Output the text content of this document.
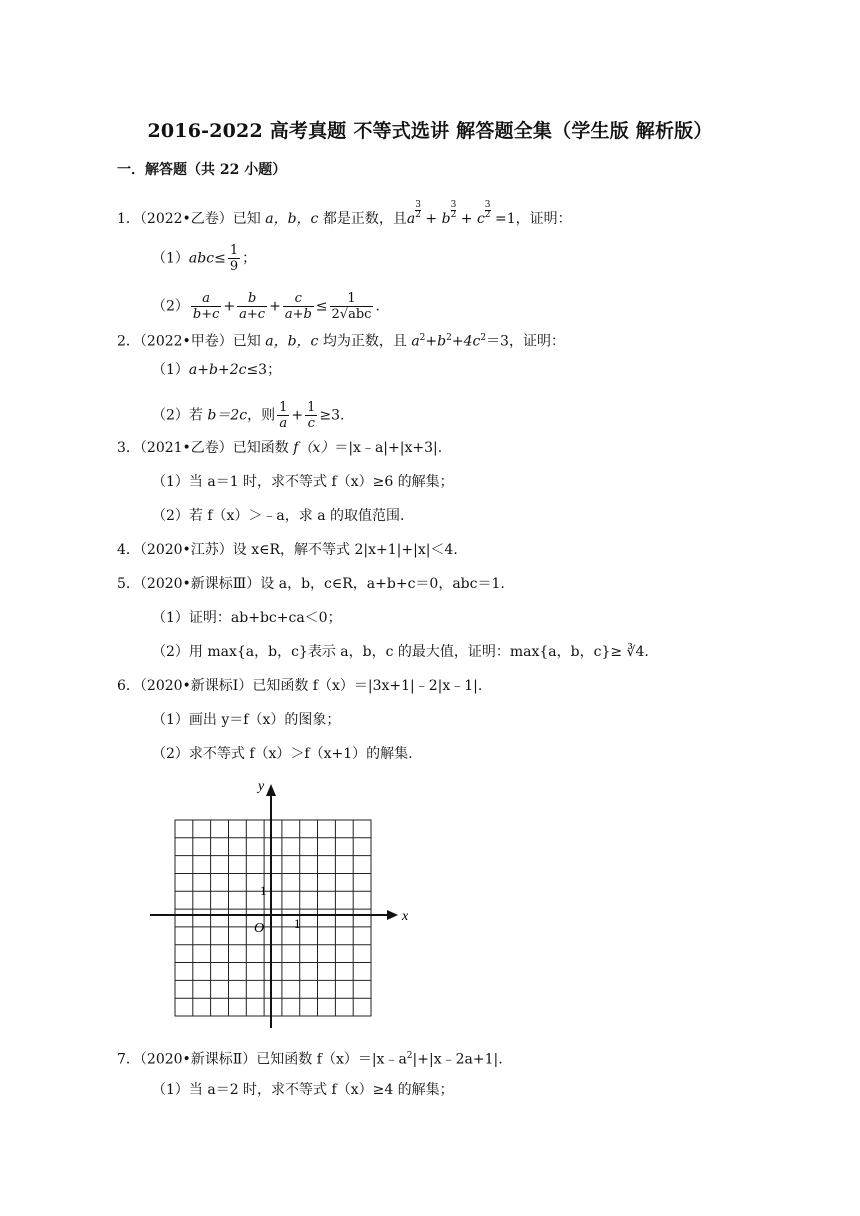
2016-2022 高考真题 不等式选讲 解答题全集（学生版 解析版）
一．解答题（共 22 小题）
1．（2022•乙卷）已知 a，b，c 都是正数，且a $\frac{3}{2} + b \frac{3}{2} + c \frac{3}{2} =1$，证明：
$(1)abc\le \frac{1}{9}$ ；
$(2) \frac{a}{b+c} + \frac{b}{a+c} + \frac{c}{a+b} \le \frac{1}{\text{2√abc}}$ .
2．（2022•甲卷）已知 a，b，c 均为正数，且 $a^2+b^2+4c^2=3$，证明：
（1）a+b+2c≤3；
（2）若 b＝2c，则 $\frac{1}{a} + \frac{1}{c} \ge 3$.
3．（2021•乙卷）已知函数 f（x）＝|x﹣a|+|x+3|.
（1）当 a＝1 时，求不等式 f（x）≥6 的解集；
（2）若 f（x）＞﹣a，求 a 的取值范围.
4．（2020•江苏）设 x∈R，解不等式 2|x+1|+|x|＜4.
5．（2020•新课标Ⅲ）设 a，b，c∈R，a+b+c＝0，abc＝1.
（1）证明：ab+bc+ca＜0；
（2）用 max{a，b，c}表示 a，b，c 的最大值，证明：max{a，b，c}≥ ∛4.
6．（2020•新课标Ⅰ）已知函数 f（x）＝|3x+1|﹣2|x﹣1|.
（1）画出 y＝f（x）的图象；
（2）求不等式 f（x）＞f（x+1）的解集.
x
y
O 1
1
7．（2020•新课标Ⅱ）已知函数 $f(x)=|x﹣a^2|+|x﹣2a+1|$.
（1）当 a＝2 时，求不等式 f（x）≥4 的解集；
